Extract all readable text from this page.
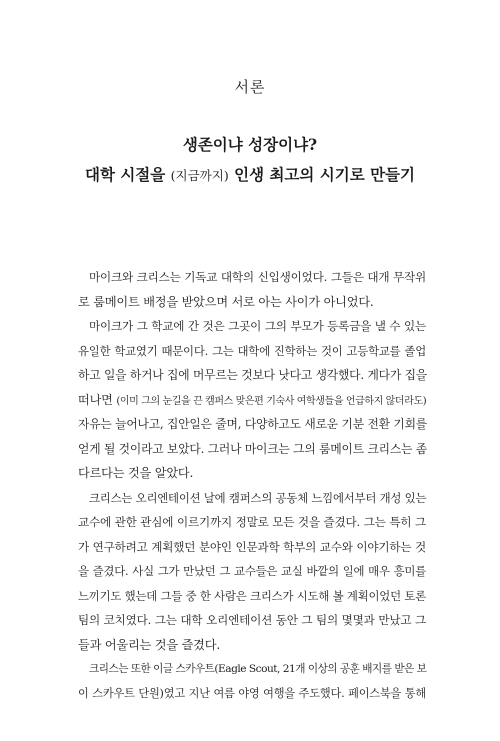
서론
생존이냐 성장이냐?
대학 시절을 (지금까지) 인생 최고의 시기로 만들기
마이크와 크리스는 기독교 대학의 신입생이었다. 그들은 대개 무작위
로 룸메이트 배정을 받았으며 서로 아는 사이가 아니었다.
마이크가 그 학교에 간 것은 그곳이 그의 부모가 등록금을 낼 수 있는
유일한 학교였기 때문이다. 그는 대학에 진학하는 것이 고등학교를 졸업
하고 일을 하거나 집에 머무르는 것보다 낫다고 생각했다. 게다가 집을
떠나면 (이미 그의 눈길을 끈 캠퍼스 맞은편 기숙사 여학생들을 언급하지 않더라도)
자유는 늘어나고, 집안일은 줄며, 다양하고도 새로운 기분 전환 기회를
얻게 될 것이라고 보았다. 그러나 마이크는 그의 룸메이트 크리스는 좀
다르다는 것을 알았다.
크리스는 오리엔테이션 날에 캠퍼스의 공동체 느낌에서부터 개성 있는
교수에 관한 관심에 이르기까지 정말로 모든 것을 즐겼다. 그는 특히 그
가 연구하려고 계획했던 분야인 인문과학 학부의 교수와 이야기하는 것
을 즐겼다. 사실 그가 만났던 그 교수들은 교실 바깥의 일에 매우 흥미를
느끼기도 했는데 그들 중 한 사람은 크리스가 시도해 볼 계획이었던 토론
팀의 코치였다. 그는 대학 오리엔테이션 동안 그 팀의 몇몇과 만났고 그
들과 어울리는 것을 즐겼다.
크리스는 또한 이글 스카우트(Eagle Scout, 21개 이상의 공훈 배지를 받은 보
이 스카우트 단원)였고 지난 여름 야영 여행을 주도했다. 페이스북을 통해
